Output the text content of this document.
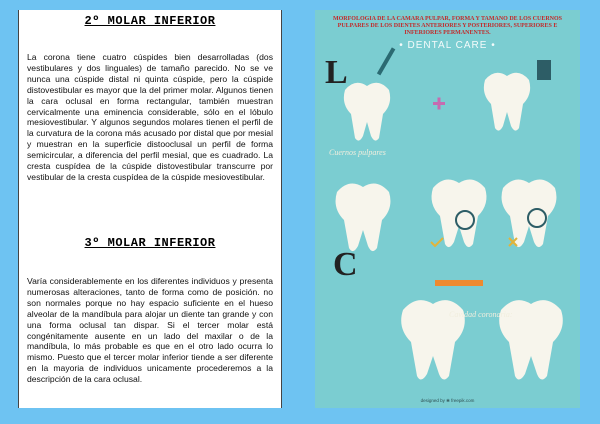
2º MOLAR INFERIOR
La corona tiene cuatro cúspides bien desarrolladas (dos vestibulares y dos linguales) de tamaño parecido. No se ve nunca una cúspide distal ni quinta cúspide, pero la cúspide distovestibular es mayor que la del primer molar. Algunos tienen la cara oclusal en forma rectangular, también muestran cervicalmente una eminencia considerable, sólo en el lóbulo mesiovestibular. Y algunos segundos molares tienen el perfil de la curvatura de la corona más acusado por distal que por mesial y muestran en la superficie distooclusal un perfil de forma semicircular, a diferencia del perfil mesial, que es cuadrado. La cresta cuspídea de la cúspide distovestibular transcurre por vestibular de la cresta cuspídea de la cúspide mesiovestibular.
3º MOLAR INFERIOR
Varía considerablemente en los diferentes individuos y presenta numerosas alteraciones, tanto de forma como de posición. no son normales porque no hay espacio suficiente en el hueso alveolar de la mandíbula para alojar un diente tan grande y con una forma oclusal tan dispar. Si el tercer molar está congénitamente ausente en un lado del maxilar o de la mandíbula, lo más probable es que en el otro lado ocurra lo mismo. Puesto que el tercer molar inferior tiende a ser diferente en la mayoria de individuos unicamente procederemos a la descripción de la cara oclusal.
MORFOLOGIA DE LA CAMARA PULPAR, FORMA Y TAMANO DE LOS CUERNOS PULPARES DE LOS DIENTES ANTERIORES Y POSTERIORES, SUPERIORES E INFERIORES PERMANENTES.
• DENTAL CARE •
L
C
Cuernos pulpares
Cavidad coronaria:
designed by ❀ freepik.com
